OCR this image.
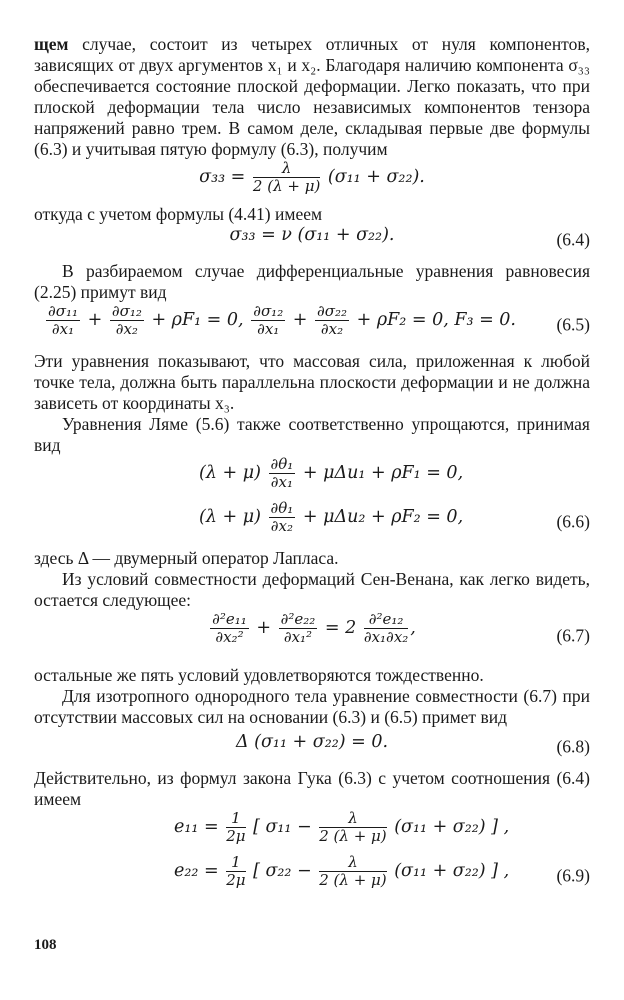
щем случае, состоит из четырех отличных от нуля компонентов, зависящих от двух аргументов x₁ и x₂. Благодаря наличию компонента σ₃₃ обеспечивается состояние плоской деформации. Легко показать, что при плоской деформации тела число независимых компонентов тензора напряжений равно трем. В самом деле, складывая первые две формулы (6.3) и учитывая пятую формулу (6.3), получим

$\sigma_{33} = \frac{\lambda}{2 (\lambda + \mu)} (\sigma_{11} + \sigma_{22})$.

откуда с учетом формулы (4.41) имеем

σ₃₃ = ν (σ₁₁ + σ₂₂).	(6.4)

В разбираемом случае дифференциальные уравнения равновесия (2.25) примут вид

$\frac{\text{∂σ₁₁}}{\text{∂x₁}} + \frac{\text{∂σ₁₂}}{\text{∂x₂}} + \rho F_1 = 0$, $\frac{\text{∂σ₁₂}}{\text{∂x₁}} + \frac{\text{∂σ₂₂}}{\text{∂x₂}} + \rho F_2 = 0$, F₃ = 0.	(6.5)

Эти уравнения показывают, что массовая сила, приложенная к любой точке тела, должна быть параллельна плоскости деформации и не должна зависеть от координаты x₃.

Уравнения Ляме (5.6) также соответственно упрощаются, принимая вид

$(\lambda + \mu) \frac{\text{∂θ₁}}{\text{∂x₁}} + \mu\Delta u_1 + \rho F_1 = 0$,
$(\lambda + \mu) \frac{\text{∂θ₁}}{\text{∂x₂}} + \mu\Delta u_2 + \rho F_2 = 0$,	(6.6)

здесь Δ — двумерный оператор Лапласа.

Из условий совместности деформаций Сен-Венана, как легко видеть, остается следующее:

$\frac{\text{∂²e₁₁}}{\text{∂x₂²}} + \frac{\text{∂²e₂₂}}{\text{∂x₁²}} = 2 \frac{\text{∂²e₁₂}}{\text{∂x₁∂x₂}}$ ,	(6.7)

остальные же пять условий удовлетворяются тождественно.

Для изотропного однородного тела уравнение совместности (6.7) при отсутствии массовых сил на основании (6.3) и (6.5) примет вид

Δ (σ₁₁ + σ₂₂) = 0.	(6.8)

Действительно, из формул закона Гука (6.3) с учетом соотношения (6.4) имеем

$e_{11} = \frac{1}{2\mu}$ [ $\sigma_{11} - \frac{\lambda}{2 (\lambda + \mu)} (\sigma_{11} + \sigma_{22})$ ] ,
$e_{22} = \frac{1}{2\mu}$ [ $\sigma_{22} - \frac{\lambda}{2 (\lambda + \mu)} (\sigma_{11} + \sigma_{22})$ ] ,	(6.9)
108
